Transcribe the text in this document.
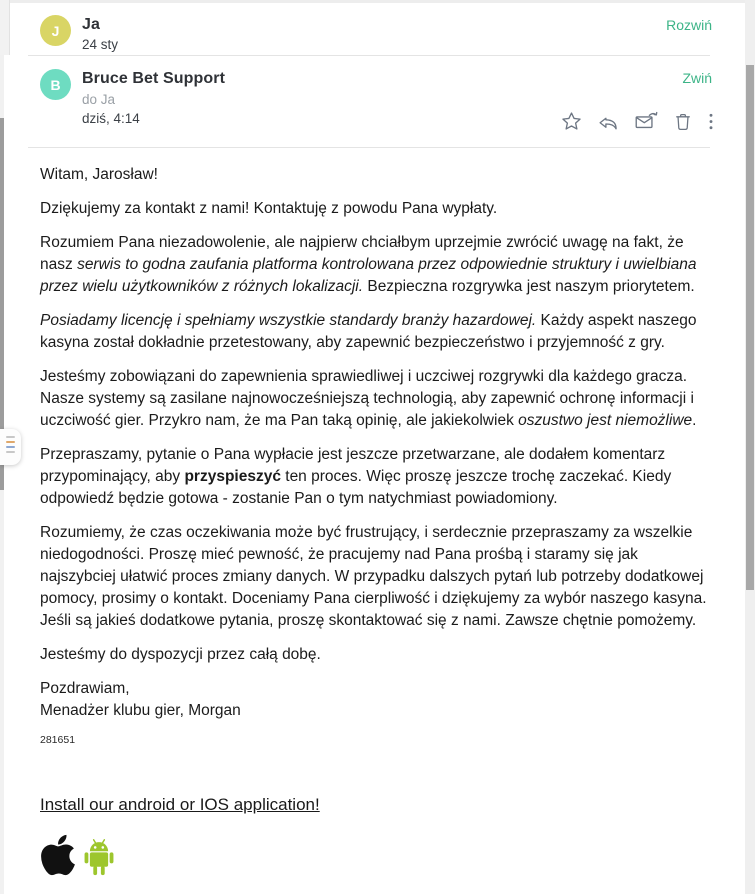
J	Ja
24 sty
Rozwiń
B	Bruce Bet Support
do Ja
dziś, 4:14
Zwiń

Witam, Jarosław!

Dziękujemy za kontakt z nami! Kontaktuję z powodu Pana wypłaty.

Rozumiem Pana niezadowolenie, ale najpierw chciałbym uprzejmie zwrócić uwagę na fakt, że nasz serwis to godna zaufania platforma kontrolowana przez odpowiednie struktury i uwielbiana przez wielu użytkowników z różnych lokalizacji. Bezpieczna rozgrywka jest naszym priorytetem.

Posiadamy licencję i spełniamy wszystkie standardy branży hazardowej. Każdy aspekt naszego kasyna został dokładnie przetestowany, aby zapewnić bezpieczeństwo i przyjemność z gry.

Jesteśmy zobowiązani do zapewnienia sprawiedliwej i uczciwej rozgrywki dla każdego gracza. Nasze systemy są zasilane najnowocześniejszą technologią, aby zapewnić ochronę informacji i uczciwość gier. Przykro nam, że ma Pan taką opinię, ale jakiekolwiek oszustwo jest niemożliwe.

Przepraszamy, pytanie o Pana wypłacie jest jeszcze przetwarzane, ale dodałem komentarz przypominający, aby przyspieszyć ten proces. Więc proszę jeszcze trochę zaczekać. Kiedy odpowiedź będzie gotowa - zostanie Pan o tym natychmiast powiadomiony.

Rozumiemy, że czas oczekiwania może być frustrujący, i serdecznie przepraszamy za wszelkie niedogodności. Proszę mieć pewność, że pracujemy nad Pana prośbą i staramy się jak najszybciej ułatwić proces zmiany danych. W przypadku dalszych pytań lub potrzeby dodatkowej pomocy, prosimy o kontakt. Doceniamy Pana cierpliwość i dziękujemy za wybór naszego kasyna.
Jeśli są jakieś dodatkowe pytania, proszę skontaktować się z nami. Zawsze chętnie pomożemy.

Jesteśmy do dyspozycji przez całą dobę.

Pozdrawiam,
Menadżer klubu gier, Morgan

281651
Install our android or IOS application!
